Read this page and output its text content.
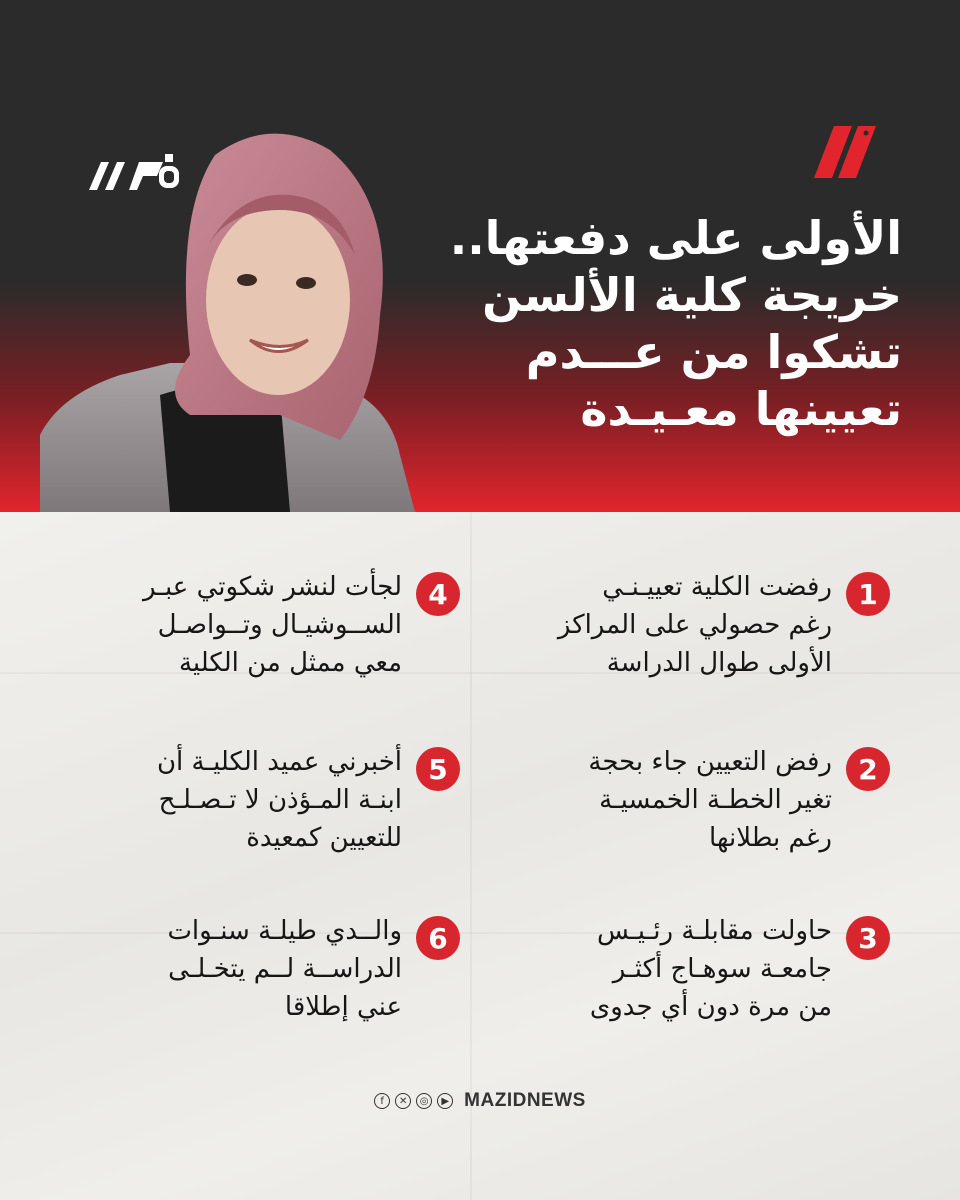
الأولى على دفعتها..
خريجة كلية الألسن
تشكوا من عـــدم
تعيينها معـيـدة
1

رفضت الكلية تعييـنـي
رغم حصولي على المراكز
الأولى طوال الدراسة

2

رفض التعيين جاء بحجة
تغير الخطـة الخمسيـة
رغم بطلانها

3

حاولت مقابلـة رئـيـس
جامعـة سوهـاج أكثـر
من مرة دون أي جدوى

4

لجأت لنشر شكوتي عبـر
الســوشيـال وتــواصـل
معي ممثل من الكلية

5

أخبرني عميد الكليـة أن
ابنـة المـؤذن لا تـصـلـح
للتعيين كمعيدة

6

والــدي طيلـة سنـوات
الدراســة لــم يتخـلـى
عني إطلاقا

f	✕	◎	▶ MAZIDNEWS
